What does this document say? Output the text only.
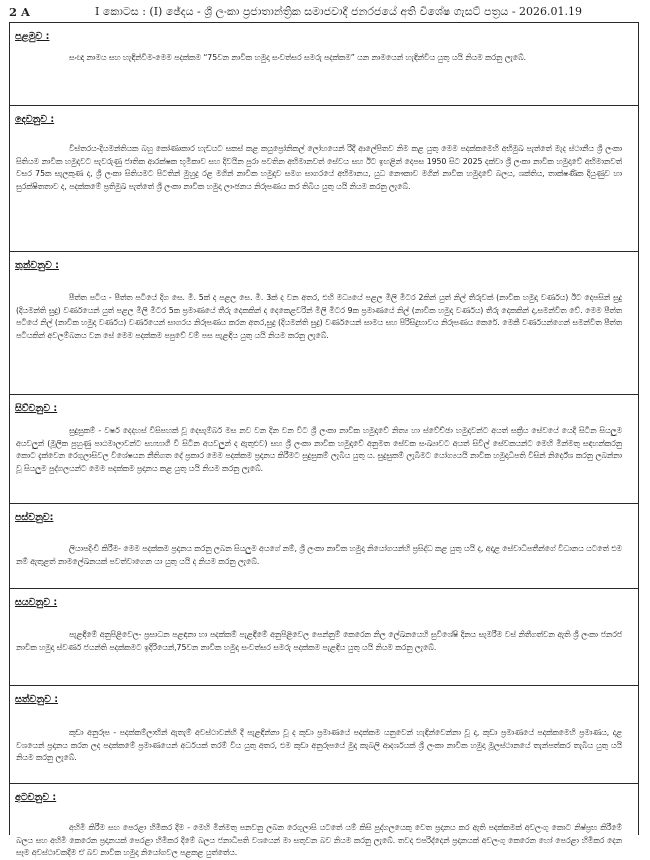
2 A	I කොටස : (I) ඡේදය - ශ්‍රී ලංකා ප්‍රජාතාන්ත්‍රික සමාජවාදී ජනරජයේ අති විශේෂ ගැසට් පත්‍රය - 2026.01.19
පළමුව :

සංඥා නාමය සහ හැඳින්වීම-මෙම පදක්කම “75වන නාවික හමුදා සංවත්සර සමරු පදක්කම” යන නාමයෙන් හැඳින්විය යුතු යයි නියම කරනු ලැබේ.

දෙවනුව :

විස්තරය-දියමන්තියක බහු කෝණාකාර හැඩයට සකස් කළ කයුප්‍රෝනිකල් ලෝහයෙන් රිදී ආලේපිතව නිම කළ යුතු මෙම පදක්කමෙහි අභිමුඛ පැත්තේ මැද ස්ථානීය ශ්‍රී ලංකා සිතියම නාවික හමුදාවට පැවරුණු ජාතික ආරක්ෂක භූමිකාව සහ දිවයින පුරා පවතින අභිමානවත් සේවය සහ ඊට ඉහළින් දෙපස 1950 සිට 2025 දක්වා ශ්‍රී ලංකා නාවික හමුදාවේ අභිමානවත් වසර 75ක සැලකුණ ද, ශ්‍රී ලංකා සිතියමට පිටතින් මුහුදු රළ මගින් නාවික හමුදාව සමග සාගරයේ අභිමානය, යුධ නෞකාව මගින් නාවික හමුදාවේ බලය, ශක්තිය, තාක්ෂණික දියුණුව හා සුරක්ෂිතතාව ද, පදක්කමේ ප්‍රතිමුඛ පැත්තේ ශ්‍රී ලංකා නාවික හමුදා ලාංඡනය නිරූපණය කර තිබිය යුතු යයි නියම කරනු ලැබේ.

තුන්වනුව :

පීත්ත පටිය - පීත්ත පටියේ දිග සෙ. මී. 5ක් ද පළල සෙ. මී. 3ක් ද වන අතර, එහි මධ්‍යයේ පළල මිලි මීටර 2කින් යුත් නිල් තීරුවක් (නාවික හමුදා වර්ණය) ඊට දෙපසින් සුදු (දියමන්ති සුදු) වර්ණයෙන් යුත් පළල මිලි මීටර 5ක ප්‍රමාණයේ තීරු දෙකකින් ද දෙකෙළවරින් මිලි මීටර 9ක ප්‍රමාණයේ නිල් (නාවික හමුදා වර්ණය) තීරු දෙකකින් ද,සමන්විත වේ. මෙම පීත්ත පටියේ නිල් (නාවික හමුදා වර්ණය) වර්ණයෙන් සාගරය නිරූපණය කරන අතර,සුදු (දියමන්ති සුදු) වර්ණයෙන් සාමය සහ පිරිසිදුභාවය නිරූපණය කෙරේ. මෙකී වර්ණයන්ගෙන් සමන්විත පීත්ත පටියකින් අවලම්බනය වන සේ මෙම පදක්කම පපුවේ වම් පස පැළඳිය යුතු යයි නියම කරනු ලැබේ.

සිව්වනුව :

සුදුසුකම් - වර්ෂ දෙදහස් විසිපහක් වූ දෙසැම්බර් මස නව වන දින වන විට ශ්‍රී ලංකා නාවික හමුදාවේ නිත්‍ය හා ස්වේච්ඡා හමුදාවන්ට අයත් සක්‍රීය සේවයේ යෙදී සිටින සියලුම අයවලුන් (මූලික පුහුණු පාඨමාලාවන්ට සහභාගී වී සිටින අයවලුන් ද ඇතුළුව) සහ ශ්‍රී ලංකා නාවික හමුදාවේ අනුමත සේවක සංඛ්‍යාවට අයත් සිවිල් සේවකයන්ට මෙහි මින්මතු සඳහන්කරනු කොට දැක්වෙන රෙගුලාසිවල විශේෂයන නීතිගත දේ ප්‍රකාර මෙම පදක්කම ප්‍රදානය කිරීමට සුදුසුකම් ලැබිය යුතු ය. සුදුසුකම් ලැබීමට යෝග්‍යයයි නාවික හමුදාධිපති විසින් නිර්දේශ කරනු ලබන්නා වූ සියලුම පුද්ගලයන්ට මෙම පදක්කම ප්‍රදානය කළ යුතු යයි නියම කරනු ලැබේ.

පස්වනුව:

ලියාපදිංචි කිරීම- මෙම පදක්කම ප්‍රදානය කරනු ලබන සියලුම අයගේ නම්, ශ්‍රී ලංකා නාවික හමුදා නියෝගයන්හි ප්‍රසිද්ධ කළ යුතු යයි ද, අදාළ සේවාධිපතීන්ගේ විධානය යටතේ එම නම් ඇතුළත් නාමලේඛනයක් පවත්වාගෙන යා යුතු යයි ද නියම කරනු ලැබේ.

සයවනුව :

පැළඳීමේ අනුපිළිවෙල- ප්‍රසාධන පළඳනා හා පදක්කම් පැළඳීමේ අනුපිළිවෙල පෙන්නුම් කෙරෙන නිල ලේඛනයෙහි සුවිශේෂි දිනය සැමරීම වස් නිතීගත්වන ඇති ශ්‍රී ලංකා ජනරජ නාවික හමුදා ස්වර්ණ ජයන්ති පදක්කමට ඉදිරියෙන්,75වන නාවික හමුදා සංවත්සර සමරු පදක්කම පැළඳිය යුතු යයි නියම කරනු ලැබේ.

සත්වනුව :

කුඩා අනුරූප - පදක්කම්ලාභින් ඇතැම් අවස්ථාවන්හි දී පැළඳින්නා වූ ද කුඩා ප්‍රමාණයේ පදක්කම යනුවෙන් හැඳින්වෙන්නා වූ ද, කුඩා ප්‍රමාණයේ පදක්කමෙහි ප්‍රමාණය, දළ වශයෙන් ප්‍රදානය කරන ලද පදක්කමේ ප්‍රමාණයෙන් අර්ධයක් තරම් විය යුතු අතර, එම කුඩා අනුරූපයේ මුදා කැබලි ආදර්ශයක් ශ්‍රී ලංකා නාවික හමුදා මූලස්ථානයේ තැන්පත්කර තැබිය යුතු යයි නියම කරනු ලැබේ.

අටවනුව :

අහිමි කිරීම සහ පෙරළා හිමිකර දීම - මෙහි මින්මතු පනවනු ලබන රෙගුලාසි යටතේ යම් කිසි පුද්ගලයෙකු වෙත ප්‍රදානය කර ඇති පදක්කමක් අවලංගු කොට නිෂ්ප්‍රභ කිරීමේ බලය සහ අහිමි කෙරෙන ප්‍රදානයක් පෙරළා හිමිකර දීමේ බලය ජනාධිපති වශයෙන් මා සතුවන බව නියම කරනු ලැබේ. තවද එපරිද්දෙන් ප්‍රදානයක් අවලංගු කෙරෙන හෝ පෙරළා හිමිකර දෙන සෑම අවස්ථාවකදීම ඒ බව නාවික හමුදා නියෝගවල පළකළ යුත්තේය.
